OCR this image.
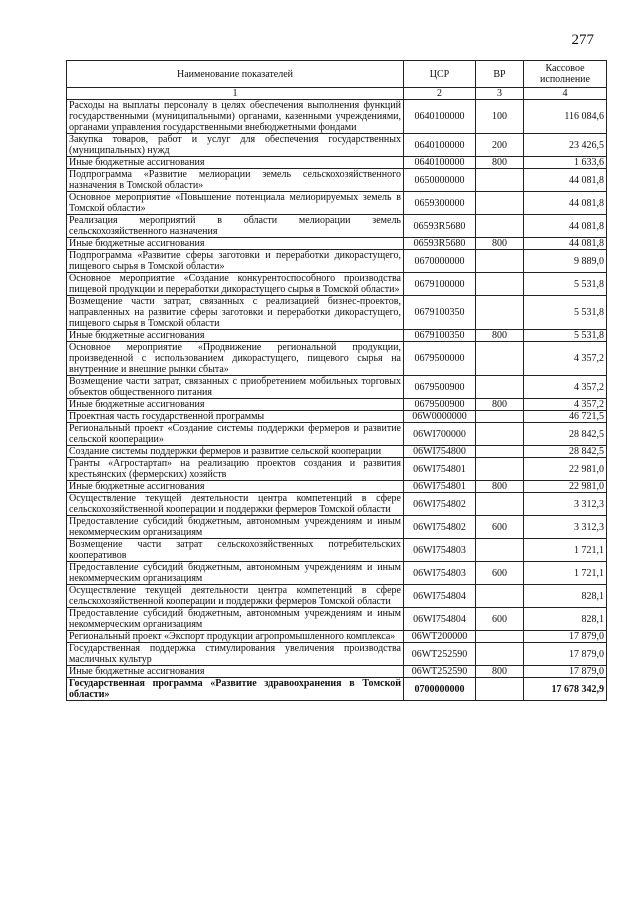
277
Наименование показателей	ЦСР	ВР	Кассовое исполнение
1	2	3	4
Расходы на выплаты персоналу в целях обеспечения выполнения функций государственными (муниципальными) органами, казенными учреждениями, органами управления государственными внебюджетными фондами	0640100000	100	116 084,6
Закупка товаров, работ и услуг для обеспечения государственных (муниципальных) нужд	0640100000	200	23 426,5
Иные бюджетные ассигнования	0640100000	800	1 633,6
Подпрограмма «Развитие мелиорации земель сельскохозяйственного назначения в Томской области»	0650000000		44 081,8
Основное мероприятие «Повышение потенциала мелиорируемых земель в Томской области»	0659300000		44 081,8
Реализация мероприятий в области мелиорации земель сельскохозяйственного назначения	06593R5680		44 081,8
Иные бюджетные ассигнования	06593R5680	800	44 081,8
Подпрограмма «Развитие сферы заготовки и переработки дикорастущего, пищевого сырья в Томской области»	0670000000		9 889,0
Основное мероприятие «Создание конкурентоспособного производства пищевой продукции и переработки дикорастущего сырья в Томской области»	0679100000		5 531,8
Возмещение части затрат, связанных с реализацией бизнес-проектов, направленных на развитие сферы заготовки и переработки дикорастущего, пищевого сырья в Томской области	0679100350		5 531,8
Иные бюджетные ассигнования	0679100350	800	5 531,8
Основное мероприятие «Продвижение региональной продукции, произведенной с использованием дикорастущего, пищевого сырья на внутренние и внешние рынки сбыта»	0679500000		4 357,2
Возмещение части затрат, связанных с приобретением мобильных торговых объектов общественного питания	0679500900		4 357,2
Иные бюджетные ассигнования	0679500900	800	4 357,2
Проектная часть государственной программы	06W0000000		46 721,5
Региональный проект «Создание системы поддержки фермеров и развитие сельской кооперации»	06WI700000		28 842,5
Создание системы поддержки фермеров и развитие сельской кооперации	06WI754800		28 842,5
Гранты «Агростартап» на реализацию проектов создания и развития крестьянских (фермерских) хозяйств	06WI754801		22 981,0
Иные бюджетные ассигнования	06WI754801	800	22 981,0
Осуществление текущей деятельности центра компетенций в сфере сельскохозяйственной кооперации и поддержки фермеров Томской области	06WI754802		3 312,3
Предоставление субсидий бюджетным, автономным учреждениям и иным некоммерческим организациям	06WI754802	600	3 312,3
Возмещение части затрат сельскохозяйственных потребительских кооперативов	06WI754803		1 721,1
Предоставление субсидий бюджетным, автономным учреждениям и иным некоммерческим организациям	06WI754803	600	1 721,1
Осуществление текущей деятельности центра компетенций в сфере сельскохозяйственной кооперации и поддержки фермеров Томской области	06WI754804		828,1
Предоставление субсидий бюджетным, автономным учреждениям и иным некоммерческим организациям	06WI754804	600	828,1
Региональный проект «Экспорт продукции агропромышленного комплекса»	06WT200000		17 879,0
Государственная поддержка стимулирования увеличения производства масличных культур	06WT252590		17 879,0
Иные бюджетные ассигнования	06WT252590	800	17 879,0
Государственная программа «Развитие здравоохранения в Томской области»	0700000000		17 678 342,9
